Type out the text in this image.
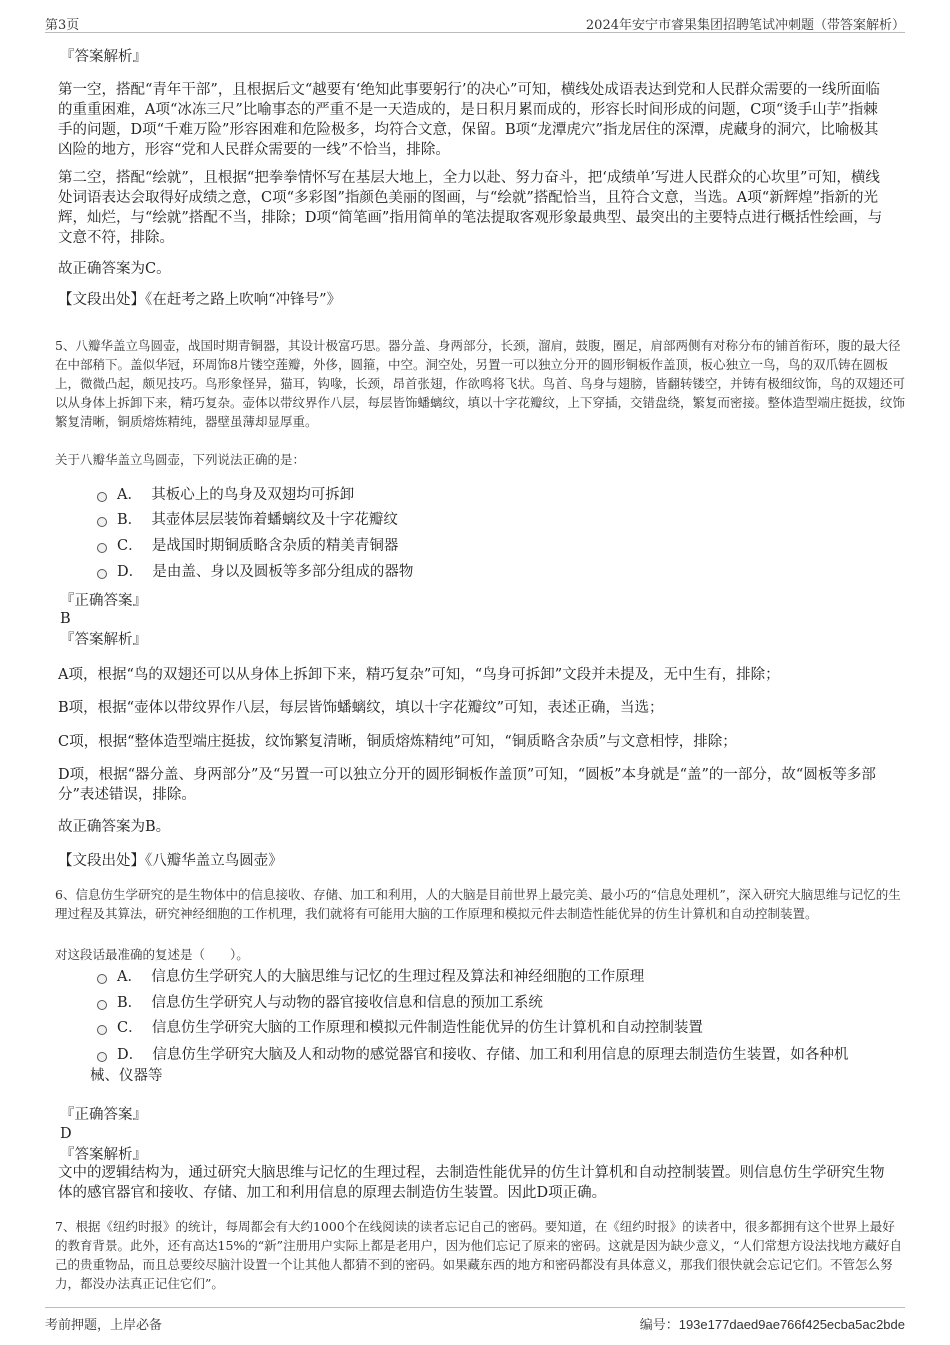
第3页	2024年安宁市睿果集团招聘笔试冲刺题（带答案解析）

『答案解析』

第一空，搭配“青年干部”，且根据后文“越要有‘绝知此事要躬行’的决心”可知，横线处成语表达到党和人民群众需要的一线所面临的重重困难，A项“冰冻三尺”比喻事态的严重不是一天造成的，是日积月累而成的，形容长时间形成的问题，C项“烫手山芋”指棘手的问题，D项“千难万险”形容困难和危险极多，均符合文意，保留。B项“龙潭虎穴”指龙居住的深潭，虎藏身的洞穴，比喻极其凶险的地方，形容“党和人民群众需要的一线”不恰当，排除。

第二空，搭配“绘就”，且根据“把拳拳情怀写在基层大地上，全力以赴、努力奋斗，把‘成绩单’写进人民群众的心坎里”可知，横线处词语表达会取得好成绩之意，C项“多彩图”指颜色美丽的图画，与“绘就”搭配恰当，且符合文意，当选。A项“新辉煌”指新的光辉，灿烂，与“绘就”搭配不当，排除；D项“简笔画”指用简单的笔法提取客观形象最典型、最突出的主要特点进行概括性绘画，与文意不符，排除。

故正确答案为C。

【文段出处】《在赶考之路上吹响“冲锋号”》

5、八瓣华盖立鸟圆壶，战国时期青铜器，其设计极富巧思。器分盖、身两部分，长颈，溜肩，鼓腹，圈足，肩部两侧有对称分布的铺首衔环，腹的最大径在中部稍下。盖似华冠，环周饰8片镂空莲瓣，外侈，圆箍，中空。洞空处，另置一可以独立分开的圆形铜板作盖顶，板心独立一鸟，鸟的双爪铸在圆板上，微微凸起，颇见技巧。鸟形象怪异，猫耳，钩喙，长颈，昂首张翅，作欲鸣将飞状。鸟首、鸟身与翅膀，皆翻转镂空，并铸有极细纹饰，鸟的双翅还可以从身体上拆卸下来，精巧复杂。壶体以带纹界作八层，每层皆饰蟠螭纹，填以十字花瓣纹，上下穿插，交错盘绕，繁复而密接。整体造型端庄挺拔，纹饰繁复清晰，铜质熔炼精纯，器壁虽薄却显厚重。

关于八瓣华盖立鸟圆壶，下列说法正确的是：

A． 其板心上的鸟身及双翅均可拆卸
B． 其壶体层层装饰着蟠螭纹及十字花瓣纹
C． 是战国时期铜质略含杂质的精美青铜器
D． 是由盖、身以及圆板等多部分组成的器物

『正确答案』

B

『答案解析』

A项，根据“鸟的双翅还可以从身体上拆卸下来，精巧复杂”可知，“鸟身可拆卸”文段并未提及，无中生有，排除；

B项，根据“壶体以带纹界作八层，每层皆饰蟠螭纹，填以十字花瓣纹”可知，表述正确，当选；

C项，根据“整体造型端庄挺拔，纹饰繁复清晰，铜质熔炼精纯”可知，“铜质略含杂质”与文意相悖，排除；

D项，根据“器分盖、身两部分”及“另置一可以独立分开的圆形铜板作盖顶”可知，“圆板”本身就是“盖”的一部分，故“圆板等多部分”表述错误，排除。

故正确答案为B。

【文段出处】《八瓣华盖立鸟圆壶》

6、信息仿生学研究的是生物体中的信息接收、存储、加工和利用，人的大脑是目前世界上最完美、最小巧的“信息处理机”，深入研究大脑思维与记忆的生理过程及其算法，研究神经细胞的工作机理，我们就将有可能用大脑的工作原理和模拟元件去制造性能优异的仿生计算机和自动控制装置。

对这段话最准确的复述是（　　）。

A． 信息仿生学研究人的大脑思维与记忆的生理过程及算法和神经细胞的工作原理
B． 信息仿生学研究人与动物的器官接收信息和信息的预加工系统
C． 信息仿生学研究大脑的工作原理和模拟元件制造性能优异的仿生计算机和自动控制装置
D． 信息仿生学研究大脑及人和动物的感觉器官和接收、存储、加工和利用信息的原理去制造仿生装置，如各种机械、仪器等

『正确答案』

D

『答案解析』

文中的逻辑结构为，通过研究大脑思维与记忆的生理过程，去制造性能优异的仿生计算机和自动控制装置。则信息仿生学研究生物体的感官器官和接收、存储、加工和利用信息的原理去制造仿生装置。因此D项正确。

7、根据《纽约时报》的统计，每周都会有大约1000个在线阅读的读者忘记自己的密码。要知道，在《纽约时报》的读者中，很多都拥有这个世界上最好的教育背景。此外，还有高达15%的“新”注册用户实际上都是老用户，因为他们忘记了原来的密码。这就是因为缺少意义，“人们常想方设法找地方藏好自己的贵重物品，而且总要绞尽脑汁设置一个让其他人都猜不到的密码。如果藏东西的地方和密码都没有具体意义，那我们很快就会忘记它们。不管怎么努力，都没办法真正记住它们”。

考前押题，上岸必备	编号：193e177daed9ae766f425ecba5ac2bde
